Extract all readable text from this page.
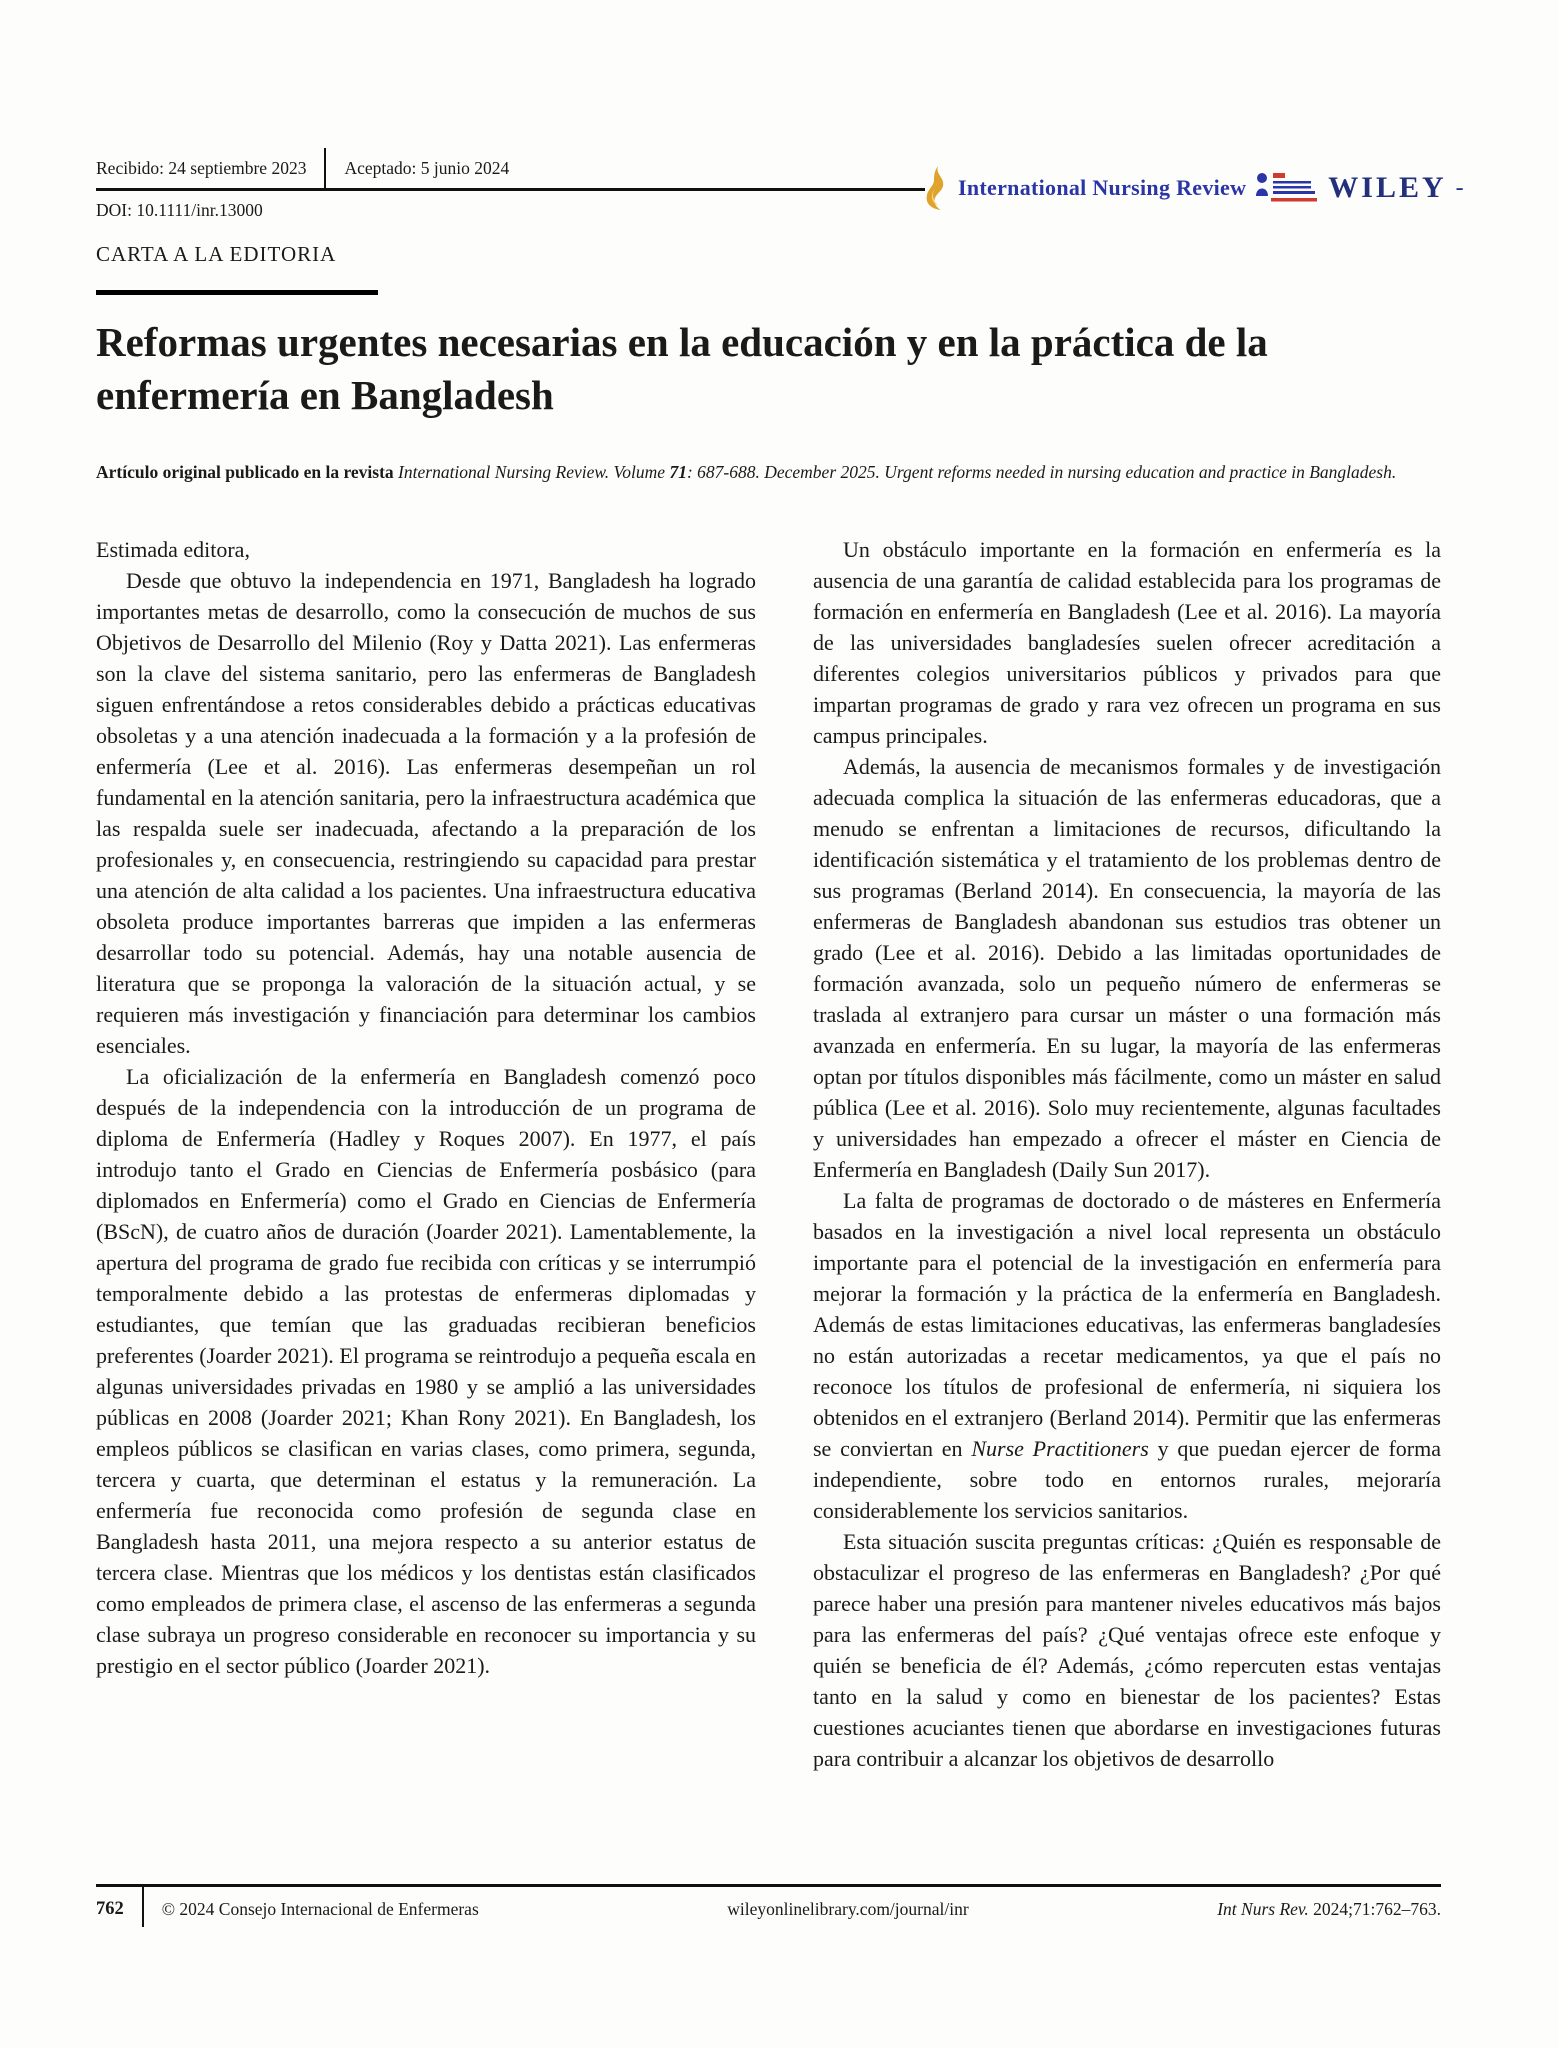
Recibido: 24 septiembre 2023 Aceptado: 5 junio 2024
DOI: 10.1111/inr.13000
International Nursing Review	WILEY -
CARTA A LA EDITORIA
Reformas urgentes necesarias en la educación y en la práctica de la enfermería en Bangladesh

Artículo original publicado en la revista International Nursing Review. Volume 71: 687-688. December 2025. Urgent reforms needed in nursing education and practice in Bangladesh.

Estimada editora,

Desde que obtuvo la independencia en 1971, Bangladesh ha logrado importantes metas de desarrollo, como la consecución de muchos de sus Objetivos de Desarrollo del Milenio (Roy y Datta 2021). Las enfermeras son la clave del sistema sanitario, pero las enfermeras de Bangladesh siguen enfrentándose a retos considerables debido a prácticas educativas obsoletas y a una atención inadecuada a la formación y a la profesión de enfermería (Lee et al. 2016). Las enfermeras desempeñan un rol fundamental en la atención sanitaria, pero la infraestructura académica que las respalda suele ser inadecuada, afectando a la preparación de los profesionales y, en consecuencia, restringiendo su capacidad para prestar una atención de alta calidad a los pacientes. Una infraestructura educativa obsoleta produce importantes barreras que impiden a las enfermeras desarrollar todo su potencial. Además, hay una notable ausencia de literatura que se proponga la valoración de la situación actual, y se requieren más investigación y financiación para determinar los cambios esenciales.

La oficialización de la enfermería en Bangladesh comenzó poco después de la independencia con la introducción de un programa de diploma de Enfermería (Hadley y Roques 2007). En 1977, el país introdujo tanto el Grado en Ciencias de Enfermería posbásico (para diplomados en Enfermería) como el Grado en Ciencias de Enfermería (BScN), de cuatro años de duración (Joarder 2021). Lamentablemente, la apertura del programa de grado fue recibida con críticas y se interrumpió temporalmente debido a las protestas de enfermeras diplomadas y estudiantes, que temían que las graduadas recibieran beneficios preferentes (Joarder 2021). El programa se reintrodujo a pequeña escala en algunas universidades privadas en 1980 y se amplió a las universidades públicas en 2008 (Joarder 2021; Khan Rony 2021). En Bangladesh, los empleos públicos se clasifican en varias clases, como primera, segunda, tercera y cuarta, que determinan el estatus y la remuneración. La enfermería fue reconocida como profesión de segunda clase en Bangladesh hasta 2011, una mejora respecto a su anterior estatus de tercera clase. Mientras que los médicos y los dentistas están clasificados como empleados de primera clase, el ascenso de las enfermeras a segunda clase subraya un progreso considerable en reconocer su importancia y su prestigio en el sector público (Joarder 2021).

Un obstáculo importante en la formación en enfermería es la ausencia de una garantía de calidad establecida para los programas de formación en enfermería en Bangladesh (Lee et al. 2016). La mayoría de las universidades bangladesíes suelen ofrecer acreditación a diferentes colegios universitarios públicos y privados para que impartan programas de grado y rara vez ofrecen un programa en sus campus principales.

Además, la ausencia de mecanismos formales y de investigación adecuada complica la situación de las enfermeras educadoras, que a menudo se enfrentan a limitaciones de recursos, dificultando la identificación sistemática y el tratamiento de los problemas dentro de sus programas (Berland 2014). En consecuencia, la mayoría de las enfermeras de Bangladesh abandonan sus estudios tras obtener un grado (Lee et al. 2016). Debido a las limitadas oportunidades de formación avanzada, solo un pequeño número de enfermeras se traslada al extranjero para cursar un máster o una formación más avanzada en enfermería. En su lugar, la mayoría de las enfermeras optan por títulos disponibles más fácilmente, como un máster en salud pública (Lee et al. 2016). Solo muy recientemente, algunas facultades y universidades han empezado a ofrecer el máster en Ciencia de Enfermería en Bangladesh (Daily Sun 2017).

La falta de programas de doctorado o de másteres en Enfermería basados en la investigación a nivel local representa un obstáculo importante para el potencial de la investigación en enfermería para mejorar la formación y la práctica de la enfermería en Bangladesh. Además de estas limitaciones educativas, las enfermeras bangladesíes no están autorizadas a recetar medicamentos, ya que el país no reconoce los títulos de profesional de enfermería, ni siquiera los obtenidos en el extranjero (Berland 2014). Permitir que las enfermeras se conviertan en Nurse Practitioners y que puedan ejercer de forma independiente, sobre todo en entornos rurales, mejoraría considerablemente los servicios sanitarios.

Esta situación suscita preguntas críticas: ¿Quién es responsable de obstaculizar el progreso de las enfermeras en Bangladesh? ¿Por qué parece haber una presión para mantener niveles educativos más bajos para las enfermeras del país? ¿Qué ventajas ofrece este enfoque y quién se beneficia de él? Además, ¿cómo repercuten estas ventajas tanto en la salud y como en bienestar de los pacientes? Estas cuestiones acuciantes tienen que abordarse en investigaciones futuras para contribuir a alcanzar los objetivos de desarrollo

762 © 2024 Consejo Internacional de Enfermeras	wileyonlinelibrary.com/journal/inr	Int Nurs Rev. 2024;71:762–763.
